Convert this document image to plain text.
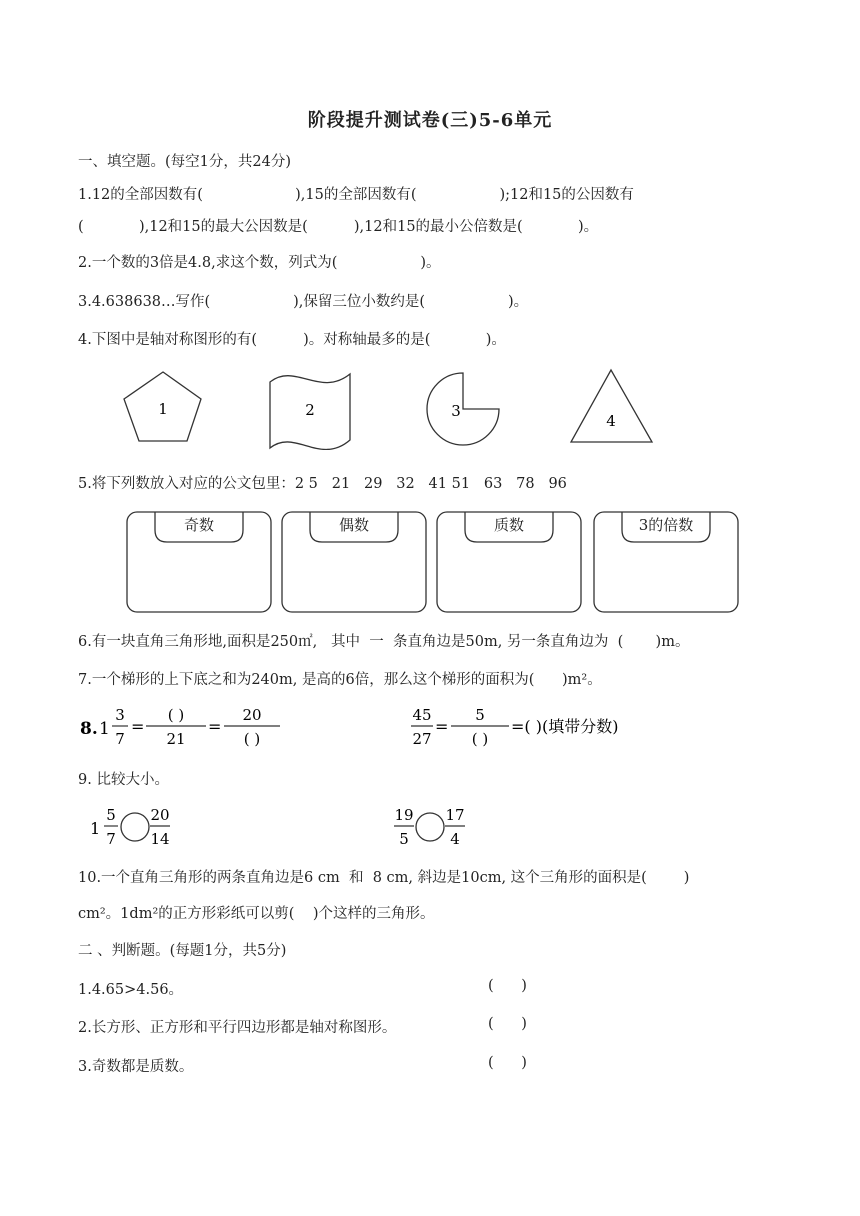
阶段提升测试卷(三)5-6单元
一、填空题。(每空1分，共24分)
1.12的全部因数有(                    ),15的全部因数有(                  );12和15的公因数有
(            ),12和15的最大公因数是(          ),12和15的最小公倍数是(            )。
2.一个数的3倍是4.8,求这个数，列式为(                  )。
3.4.638638…写作(                  ),保留三位小数约是(                  )。
4.下图中是轴对称图形的有(          )。对称轴最多的是(            )。
1	2	3
4
5.将下列数放入对应的公文包里：2 5   21   29   32   41 51   63   78   96
奇数	偶数	质数	3的倍数
6.有一块直角三角形地,面积是250㎡,   其中  一  条直角边是50m, 另一条直角边为  (       )m。
7.一个梯形的上下底之和为240m, 是高的6倍，那么这个梯形的面积为(      )m²。
8. 1
3
7
=
( )
21
=
20
( )
45
27
=
5
( )
=( )(填带分数)
9. 比较大小。
1
5
7
20
14
19
5
17
4
10.一个直角三角形的两条直角边是6 cm  和  8 cm, 斜边是10cm, 这个三角形的面积是(        )
cm²。1dm²的正方形彩纸可以剪(    )个这样的三角形。
二 、判断题。(每题1分，共5分)
1.4.65>4.56。	(      )
2.长方形、正方形和平行四边形都是轴对称图形。	(      )
3.奇数都是质数。	(      )
